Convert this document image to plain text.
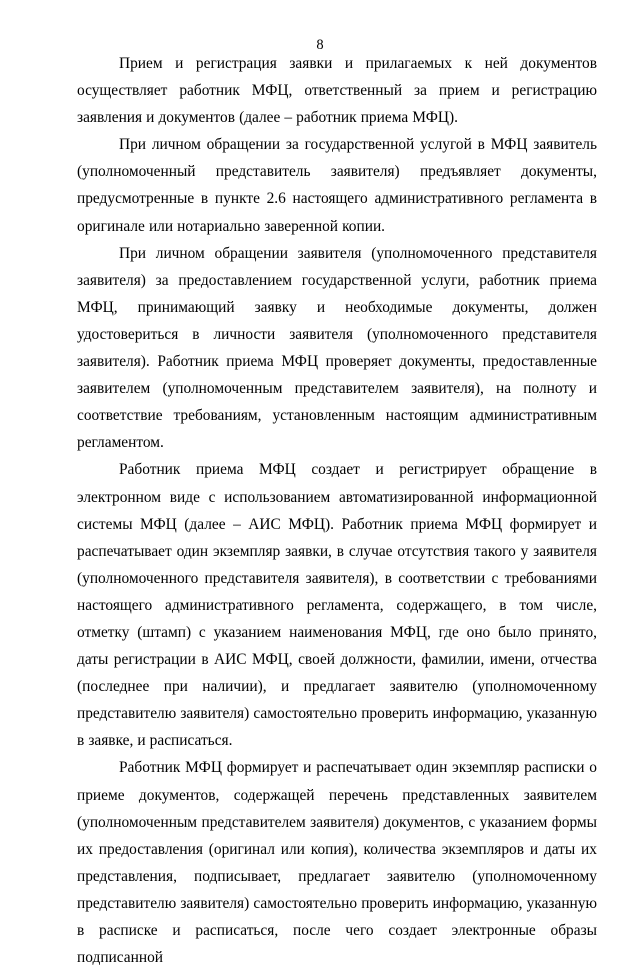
8

Прием и регистрация заявки и прилагаемых к ней документов осуществляет работник МФЦ, ответственный за прием и регистрацию заявления и документов (далее – работник приема МФЦ).

При личном обращении за государственной услугой в МФЦ заявитель (уполномоченный представитель заявителя) предъявляет документы, предусмотренные в пункте 2.6 настоящего административного регламента в оригинале или нотариально заверенной копии.

При личном обращении заявителя (уполномоченного представителя заявителя) за предоставлением государственной услуги, работник приема МФЦ, принимающий заявку и необходимые документы, должен удостовериться в личности заявителя (уполномоченного представителя заявителя). Работник приема МФЦ проверяет документы, предоставленные заявителем (уполномоченным представителем заявителя), на полноту и соответствие требованиям, установленным настоящим административным регламентом.

Работник приема МФЦ создает и регистрирует обращение в электронном виде с использованием автоматизированной информационной системы МФЦ (далее – АИС МФЦ). Работник приема МФЦ формирует и распечатывает один экземпляр заявки, в случае отсутствия такого у заявителя (уполномоченного представителя заявителя), в соответствии с требованиями настоящего административного регламента, содержащего, в том числе, отметку (штамп) с указанием наименования МФЦ, где оно было принято, даты регистрации в АИС МФЦ, своей должности, фамилии, имени, отчества (последнее при наличии), и предлагает заявителю (уполномоченному представителю заявителя) самостоятельно проверить информацию, указанную в заявке, и расписаться.

Работник МФЦ формирует и распечатывает один экземпляр расписки о приеме документов, содержащей перечень представленных заявителем (уполномоченным представителем заявителя) документов, с указанием формы их предоставления (оригинал или копия), количества экземпляров и даты их представления, подписывает, предлагает заявителю (уполномоченному представителю заявителя) самостоятельно проверить информацию, указанную в расписке и расписаться, после чего создает электронные образы подписанной
